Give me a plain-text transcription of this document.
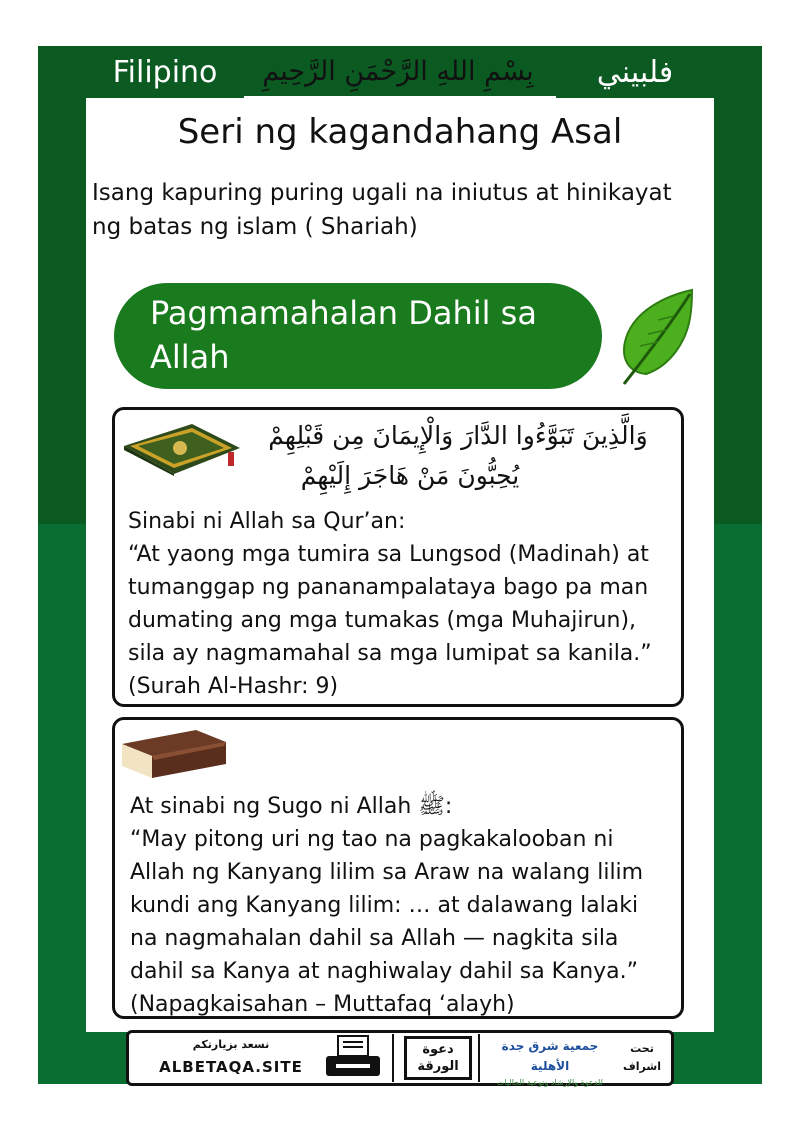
Filipino	فلبيني
بِسْمِ اللهِ الرَّحْمَنِ الرَّحِيمِ
Seri ng kagandahang Asal
Isang kapuring puring ugali na iniutus at hinikayat ng batas ng islam ( Shariah)
Pagmamahalan Dahil sa
Allah
وَالَّذِينَ تَبَوَّءُوا الدَّارَ وَالْإِيمَانَ مِن قَبْلِهِمْ
يُحِبُّونَ مَنْ هَاجَرَ إِلَيْهِمْ
Sinabi ni Allah sa Qur’an:
“At yaong mga tumira sa Lungsod (Madinah) at
tumanggap ng pananampalataya bago pa man
dumating ang mga tumakas (mga Muhajirun),
sila ay nagmamahal sa mga lumipat sa kanila.”
(Surah Al-Hashr: 9)
At sinabi ng Sugo ni Allah ﷺ:
“May pitong uri ng tao na pagkakalooban ni
Allah ng Kanyang lilim sa Araw na walang lilim
kundi ang Kanyang lilim: … at dalawang lalaki
na nagmahalan dahil sa Allah — nagkita sila
dahil sa Kanya at naghiwalay dahil sa Kanya.”
(Napagkaisahan – Muttafaq ‘alayh)
نسعد بزيارتكم
ALBETAQA.SITE
دعوة
الورقة
جمعية شرق جدة الأهلية
للدعوة والإرشاد وتوعية الجاليات
تحت
اشراف
